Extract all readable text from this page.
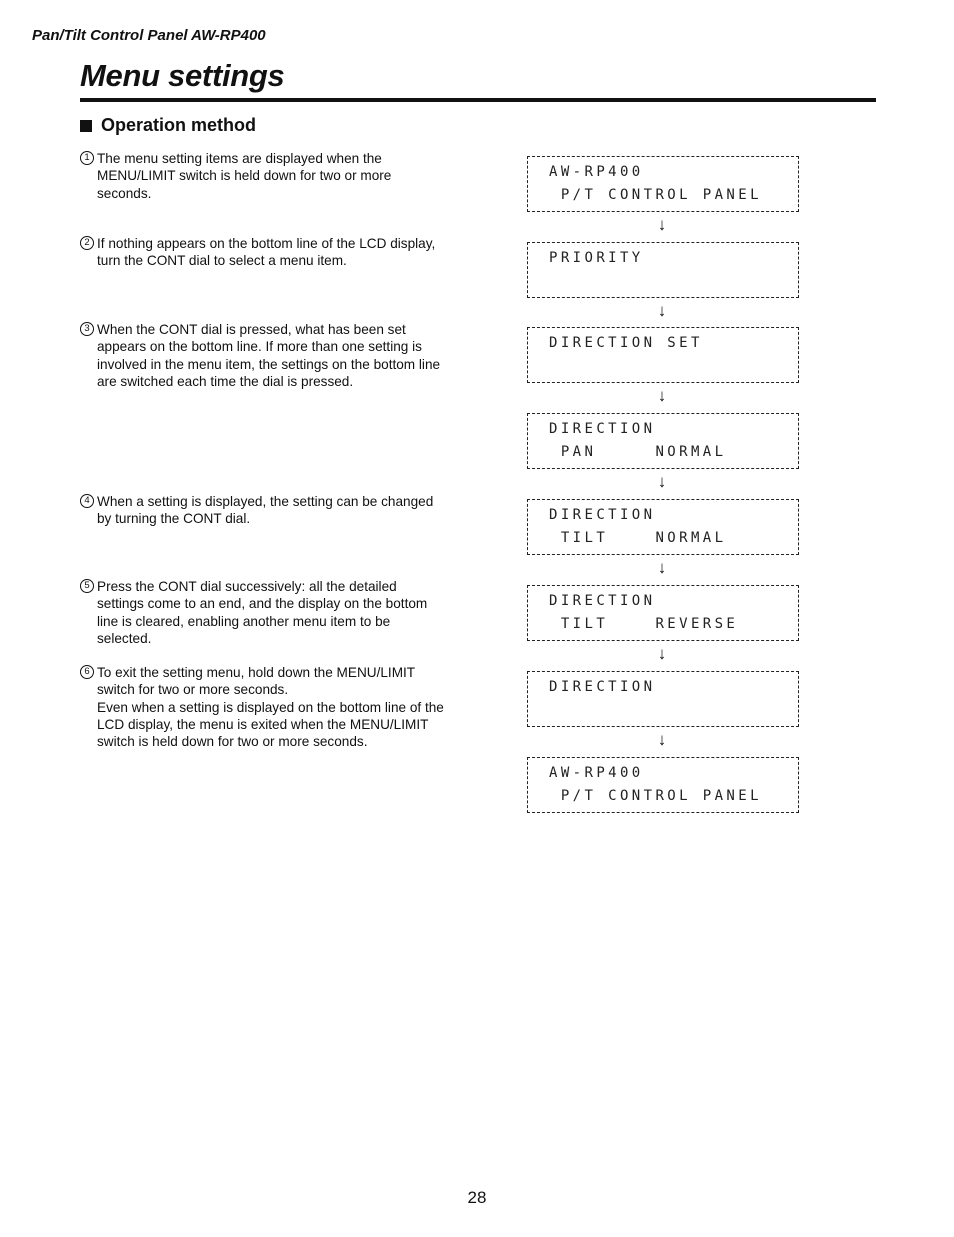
Pan/Tilt Control Panel AW-RP400
Menu settings
Operation method
1 The menu setting items are displayed when the
MENU/LIMIT switch is held down for two or more
seconds.
2 If nothing appears on the bottom line of the LCD display,
turn the CONT dial to select a menu item.
3 When the CONT dial is pressed, what has been set
appears on the bottom line. If more than one setting is
involved in the menu item, the settings on the bottom line
are switched each time the dial is pressed.
4 When a setting is displayed, the setting can be changed
by turning the CONT dial.
5 Press the CONT dial successively: all the detailed
settings come to an end, and the display on the bottom
line is cleared, enabling another menu item to be
selected.
6 To exit the setting menu, hold down the MENU/LIMIT
switch for two or more seconds.
Even when a setting is displayed on the bottom line of the
LCD display, the menu is exited when the MENU/LIMIT
switch is held down for two or more seconds.
AW-RP400
P/T CONTROL PANEL
↓
PRIORITY
↓
DIRECTION SET
↓
DIRECTION
PAN     NORMAL
↓
DIRECTION
TILT    NORMAL
↓
DIRECTION
TILT    REVERSE
↓
DIRECTION
↓
AW-RP400
P/T CONTROL PANEL
28
